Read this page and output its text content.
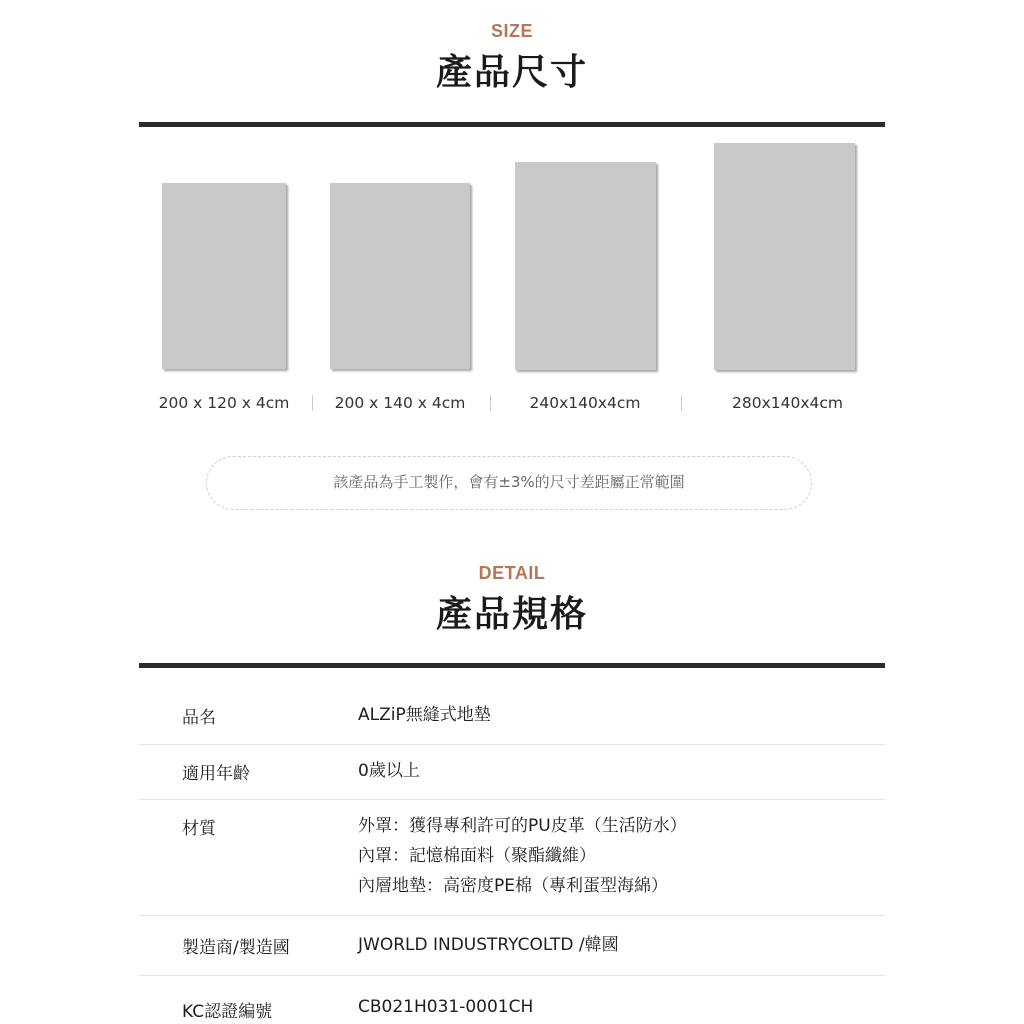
SIZE
產品尺寸
200 x 120 x 4cm	200 x 140 x 4cm	240x140x4cm	280x140x4cm
該產品為手工製作，會有±3%的尺寸差距屬正常範圍
DETAIL
產品規格
品名	ALZiP無縫式地墊
適用年齡	0歲以上
材質	外罩：獲得專利許可的PU皮革（生活防水）
內罩：記憶棉面料（聚酯纖維）
內層地墊：高密度PE棉（專利蛋型海綿）
製造商/製造國	JWORLD INDUSTRYCOLTD /韓國
KC認證編號	CB021H031-0001CH
